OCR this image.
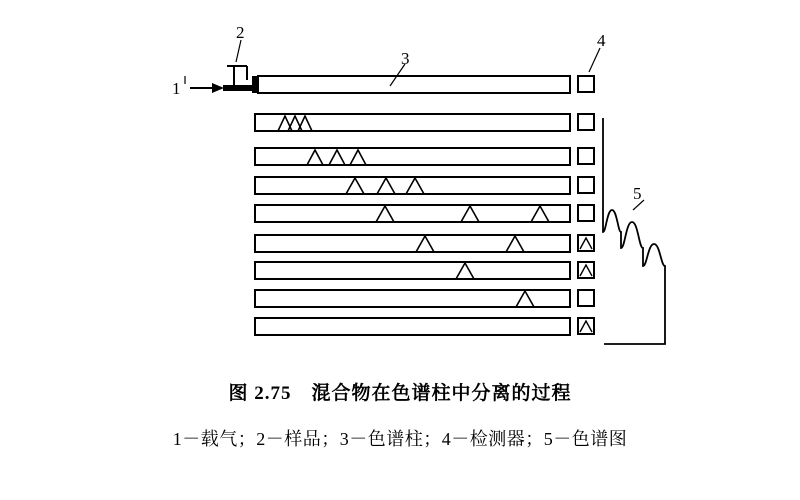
1
2
3
4
5
图 2.75　混合物在色谱柱中分离的过程
1－载气；2－样品；3－色谱柱；4－检测器；5－色谱图
